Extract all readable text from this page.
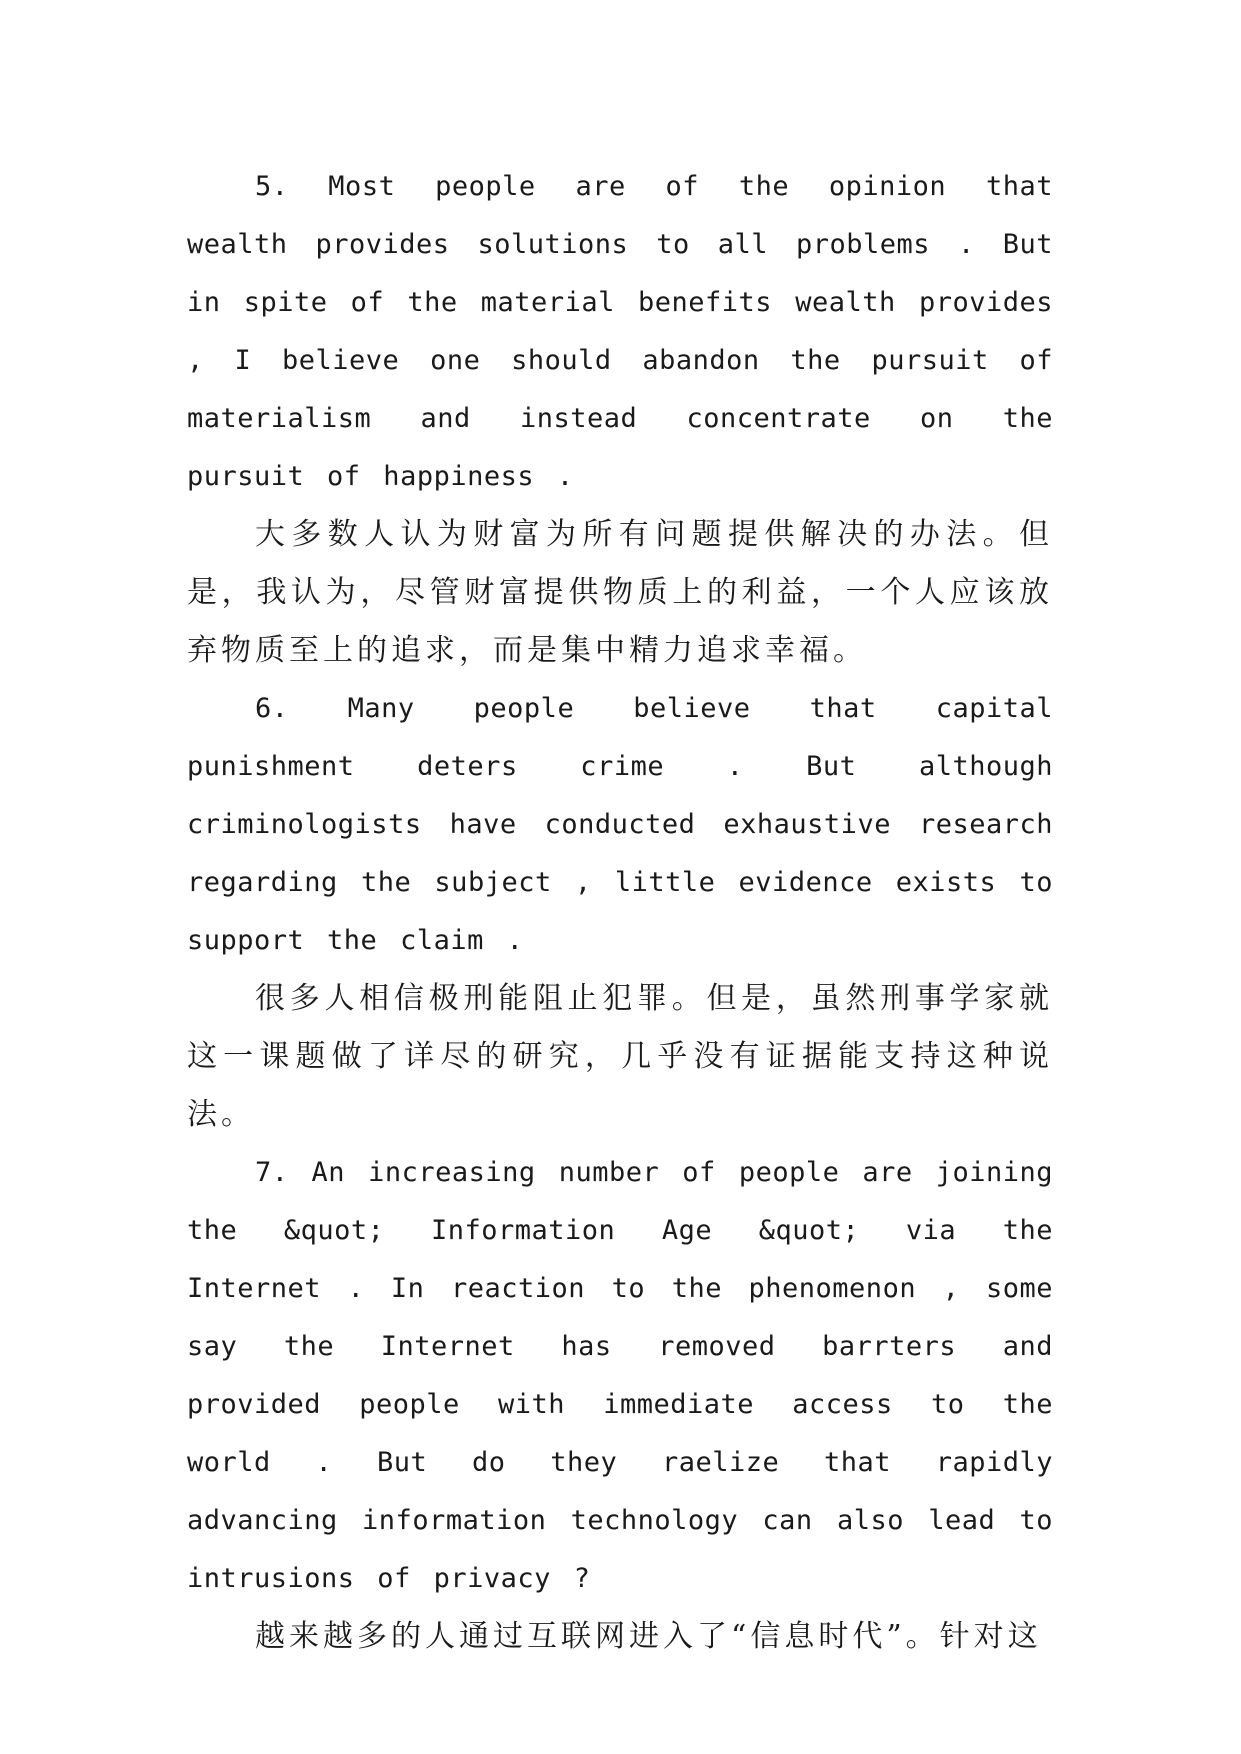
5. Most people are of the opinion that wealth provides solutions to all problems . But in spite of the material benefits wealth provides , I believe one should abandon the pursuit of materialism and instead concentrate on the pursuit of happiness .

大多数人认为财富为所有问题提供解决的办法。但是，我认为，尽管财富提供物质上的利益，一个人应该放弃物质至上的追求，而是集中精力追求幸福。

6. Many people believe that capital punishment deters crime . But although criminologists have conducted exhaustive research regarding the subject , little evidence exists to support the claim .

很多人相信极刑能阻止犯罪。但是，虽然刑事学家就这一课题做了详尽的研究，几乎没有证据能支持这种说法。

7. An increasing number of people are joining the &quot; Information Age &quot; via the Internet . In reaction to the phenomenon , some say the Internet has removed barrters and provided people with immediate access to the world . But do they raelize that rapidly advancing information technology can also lead to intrusions of privacy ?

越来越多的人通过互联网进入了“信息时代”。针对这
